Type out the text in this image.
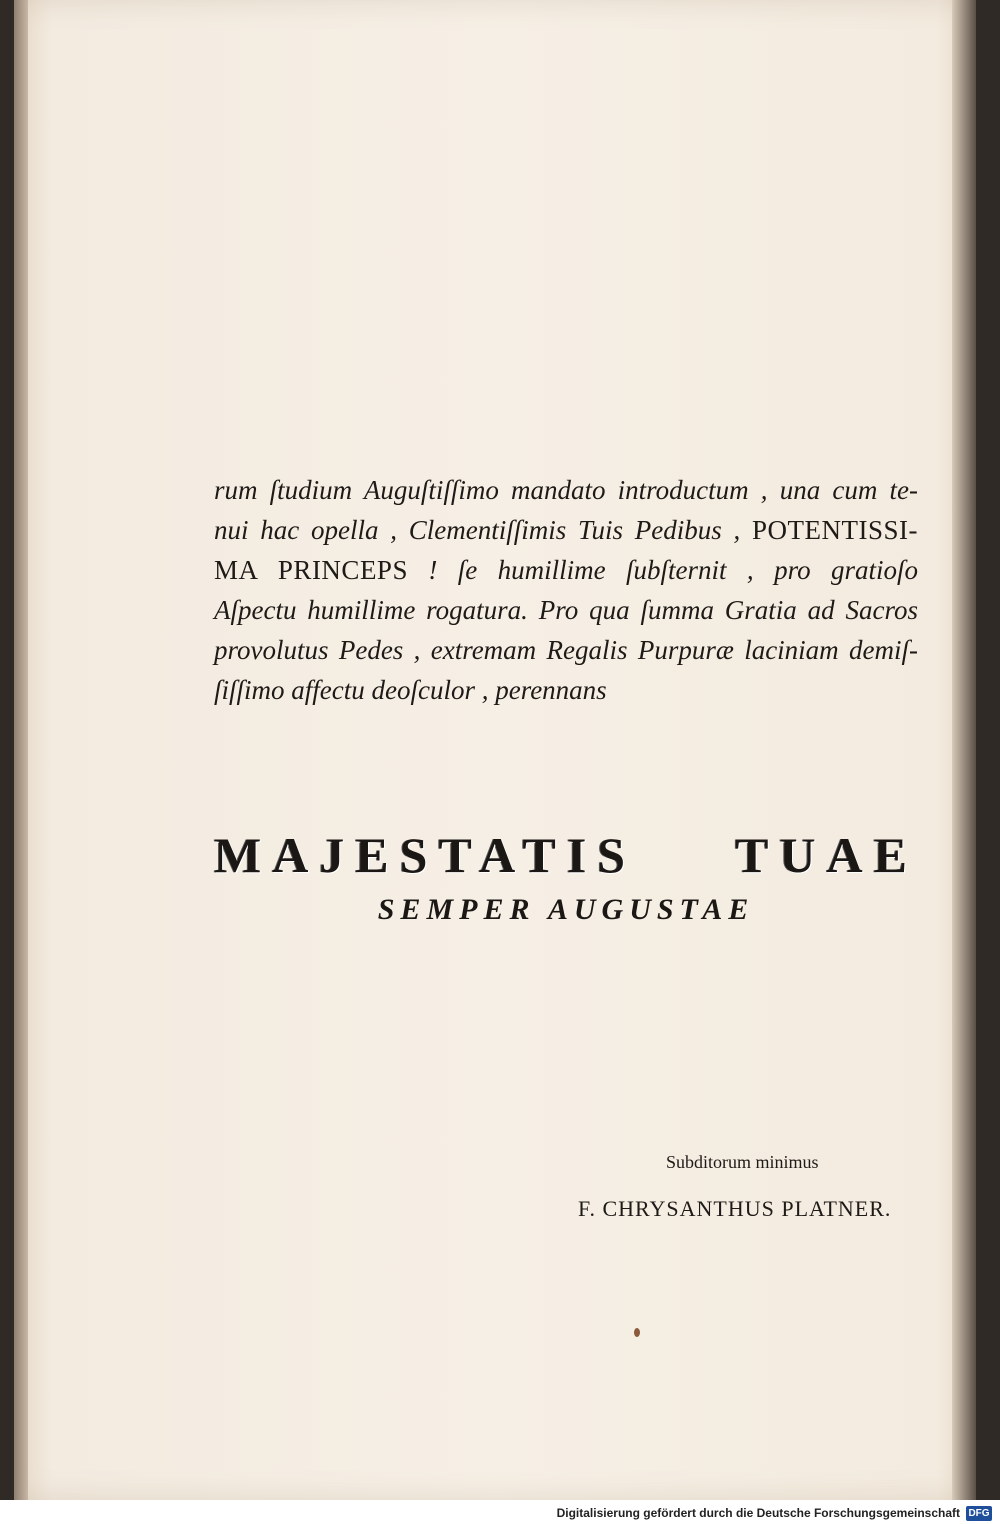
rum ſtudium Auguſtiſſimo mandato introductum , una cum te-
nui hac opella , Clementiſſimis Tuis Pedibus , POTENTISSI-
MA PRINCEPS ! ſe humillime ſubſternit , pro gratioſo
Aſpectu humillime rogatura. Pro qua ſumma Gratia ad Sacros
provolutus Pedes , extremam Regalis Purpuræ laciniam demiſ-
ſiſſimo affectu deoſculor , perennans
MAJESTATIS TUAE
SEMPER AUGUSTAE
Subditorum minimus
F. CHRYSANTHUS PLATNER.
Digitalisierung gefördert durch die Deutsche Forschungsgemeinschaft DFG
